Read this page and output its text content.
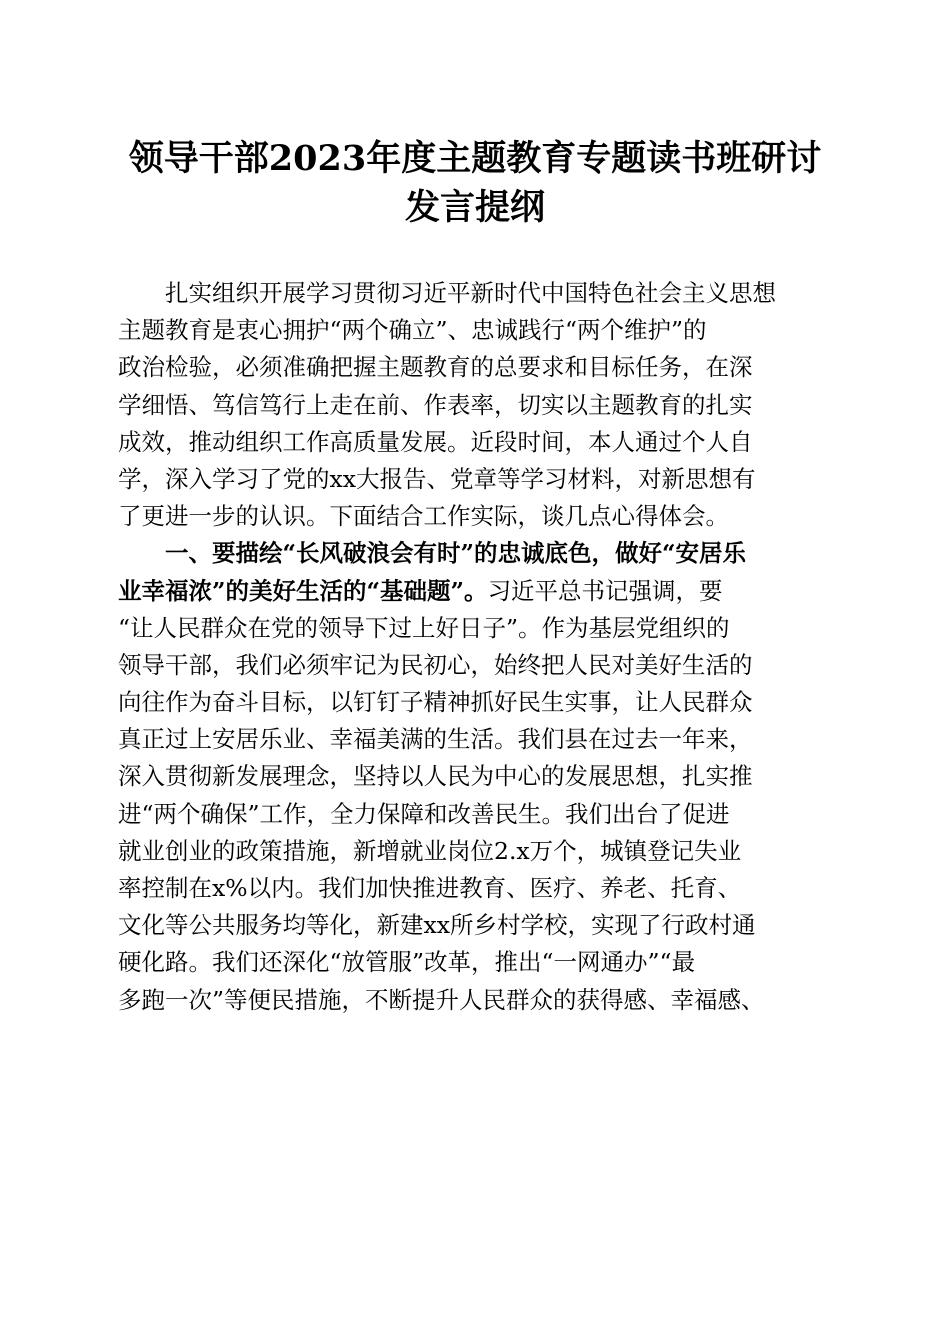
领导干部2023年度主题教育专题读书班研讨
发言提纲
扎实组织开展学习贯彻习近平新时代中国特色社会主义思想
主题教育是衷心拥护“两个确立”、忠诚践行“两个维护”的
政治检验，必须准确把握主题教育的总要求和目标任务，在深
学细悟、笃信笃行上走在前、作表率，切实以主题教育的扎实
成效，推动组织工作高质量发展。近段时间，本人通过个人自
学，深入学习了党的xx大报告、党章等学习材料，对新思想有
了更进一步的认识。下面结合工作实际，谈几点心得体会。
一、要描绘“长风破浪会有时”的忠诚底色，做好“安居乐
业幸福浓”的美好生活的“基础题”。习近平总书记强调，要
“让人民群众在党的领导下过上好日子”。作为基层党组织的
领导干部，我们必须牢记为民初心，始终把人民对美好生活的
向往作为奋斗目标，以钉钉子精神抓好民生实事，让人民群众
真正过上安居乐业、幸福美满的生活。我们县在过去一年来，
深入贯彻新发展理念，坚持以人民为中心的发展思想，扎实推
进“两个确保”工作，全力保障和改善民生。我们出台了促进
就业创业的政策措施，新增就业岗位2.x万个，城镇登记失业
率控制在x%以内。我们加快推进教育、医疗、养老、托育、
文化等公共服务均等化，新建xx所乡村学校，实现了行政村通
硬化路。我们还深化“放管服”改革，推出“一网通办”“最
多跑一次”等便民措施，不断提升人民群众的获得感、幸福感、
